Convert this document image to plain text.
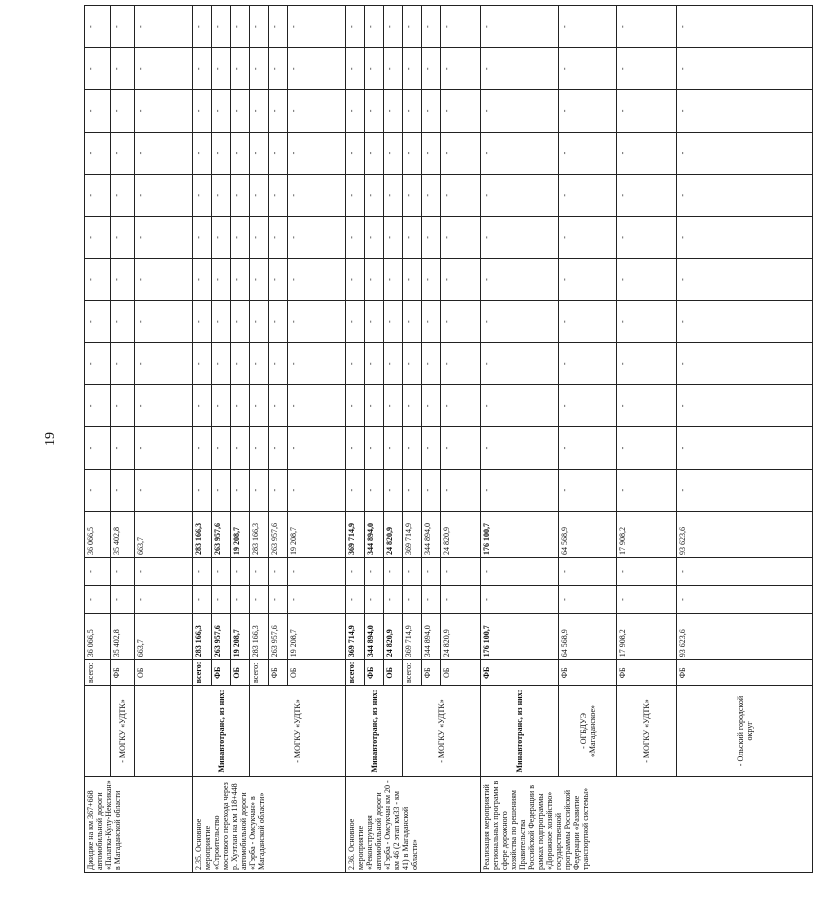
19
Джидже на км 367+668 автомобильной дороги «Палатка-Кулу-Нексикан» в Магаданской области		всего:	36 066,5	-	-	36 066,5	-	-	-	-	-	-	-	-	-	-	-	-
	- МОГКУ «УДТК»	ФБ	35 402,8	-	-	35 402,8	-	-	-	-	-	-	-	-	-	-	-	-
		ОБ	663,7	-	-	663,7	-	-	-	-	-	-	-	-	-	-	-	-
2.35. Основное мероприятие «Строительство мостового перехода через р. Хуэтлан на км 118+448 автомобильной дороги «Гэрба - Омсукчан» в Магаданской области»	Минавтотранс, из них:	всего:	283 166,3	-	-	283 166,3	-	-	-	-	-	-	-	-	-	-	-	-
		ФБ	263 957,6	-	-	263 957,6	-	-	-	-	-	-	-	-	-	-	-	-
		ОБ	19 208,7	-	-	19 208,7	-	-	-	-	-	-	-	-	-	-	-	-
	- МОГКУ «УДТК»	всего:	283 166,3	-	-	283 166,3	-	-	-	-	-	-	-	-	-	-	-	-
		ФБ	263 957,6	-	-	263 957,6	-	-	-	-	-	-	-	-	-	-	-	-
		ОБ	19 208,7	-	-	19 208,7	-	-	-	-	-	-	-	-	-	-	-	-
2.36. Основное мероприятие «Реконструкция автомобильной дороги «Гэрба - Омсукчан км 20 - км 46 (2 этап км33 - км 41) в Магаданской области»	Минавтотранс, из них:	всего:	369 714,9	-	-	369 714,9	-	-	-	-	-	-	-	-	-	-	-	-
		ФБ	344 894,0	-	-	344 894,0	-	-	-	-	-	-	-	-	-	-	-	-
		ОБ	24 820,9	-	-	24 820,9	-	-	-	-	-	-	-	-	-	-	-	-
	- МОГКУ «УДТК»	всего:	369 714,9	-	-	369 714,9	-	-	-	-	-	-	-	-	-	-	-	-
		ФБ	344 894,0	-	-	344 894,0	-	-	-	-	-	-	-	-	-	-	-	-
		ОБ	24 820,9	-	-	24 820,9	-	-	-	-	-	-	-	-	-	-	-	-
Реализация мероприятий региональных программ в сфере дорожного хозяйства по решениям Правительства Российской Федерации в рамках подпрограммы «Дорожное хозяйство» государственной программы Российской Федерации «Развитие транспортной системы»	Минавтотранс, из них:	ФБ	176 100,7	-	-	176 100,7	-	-	-	-	-	-	-	-	-	-	-	-
	- ОГБДУЭ «Магаданское»	ФБ	64 568,9	-	-	64 568,9	-	-	-	-	-	-	-	-	-	-	-	-
	- МОГКУ «УДТК»	ФБ	17 908,2	-	-	17 908,2	-	-	-	-	-	-	-	-	-	-	-	-
	- Ольский городской округ	ФБ	93 623,6	-	-	93 623,6	-	-	-	-	-	-	-	-	-	-	-	-
